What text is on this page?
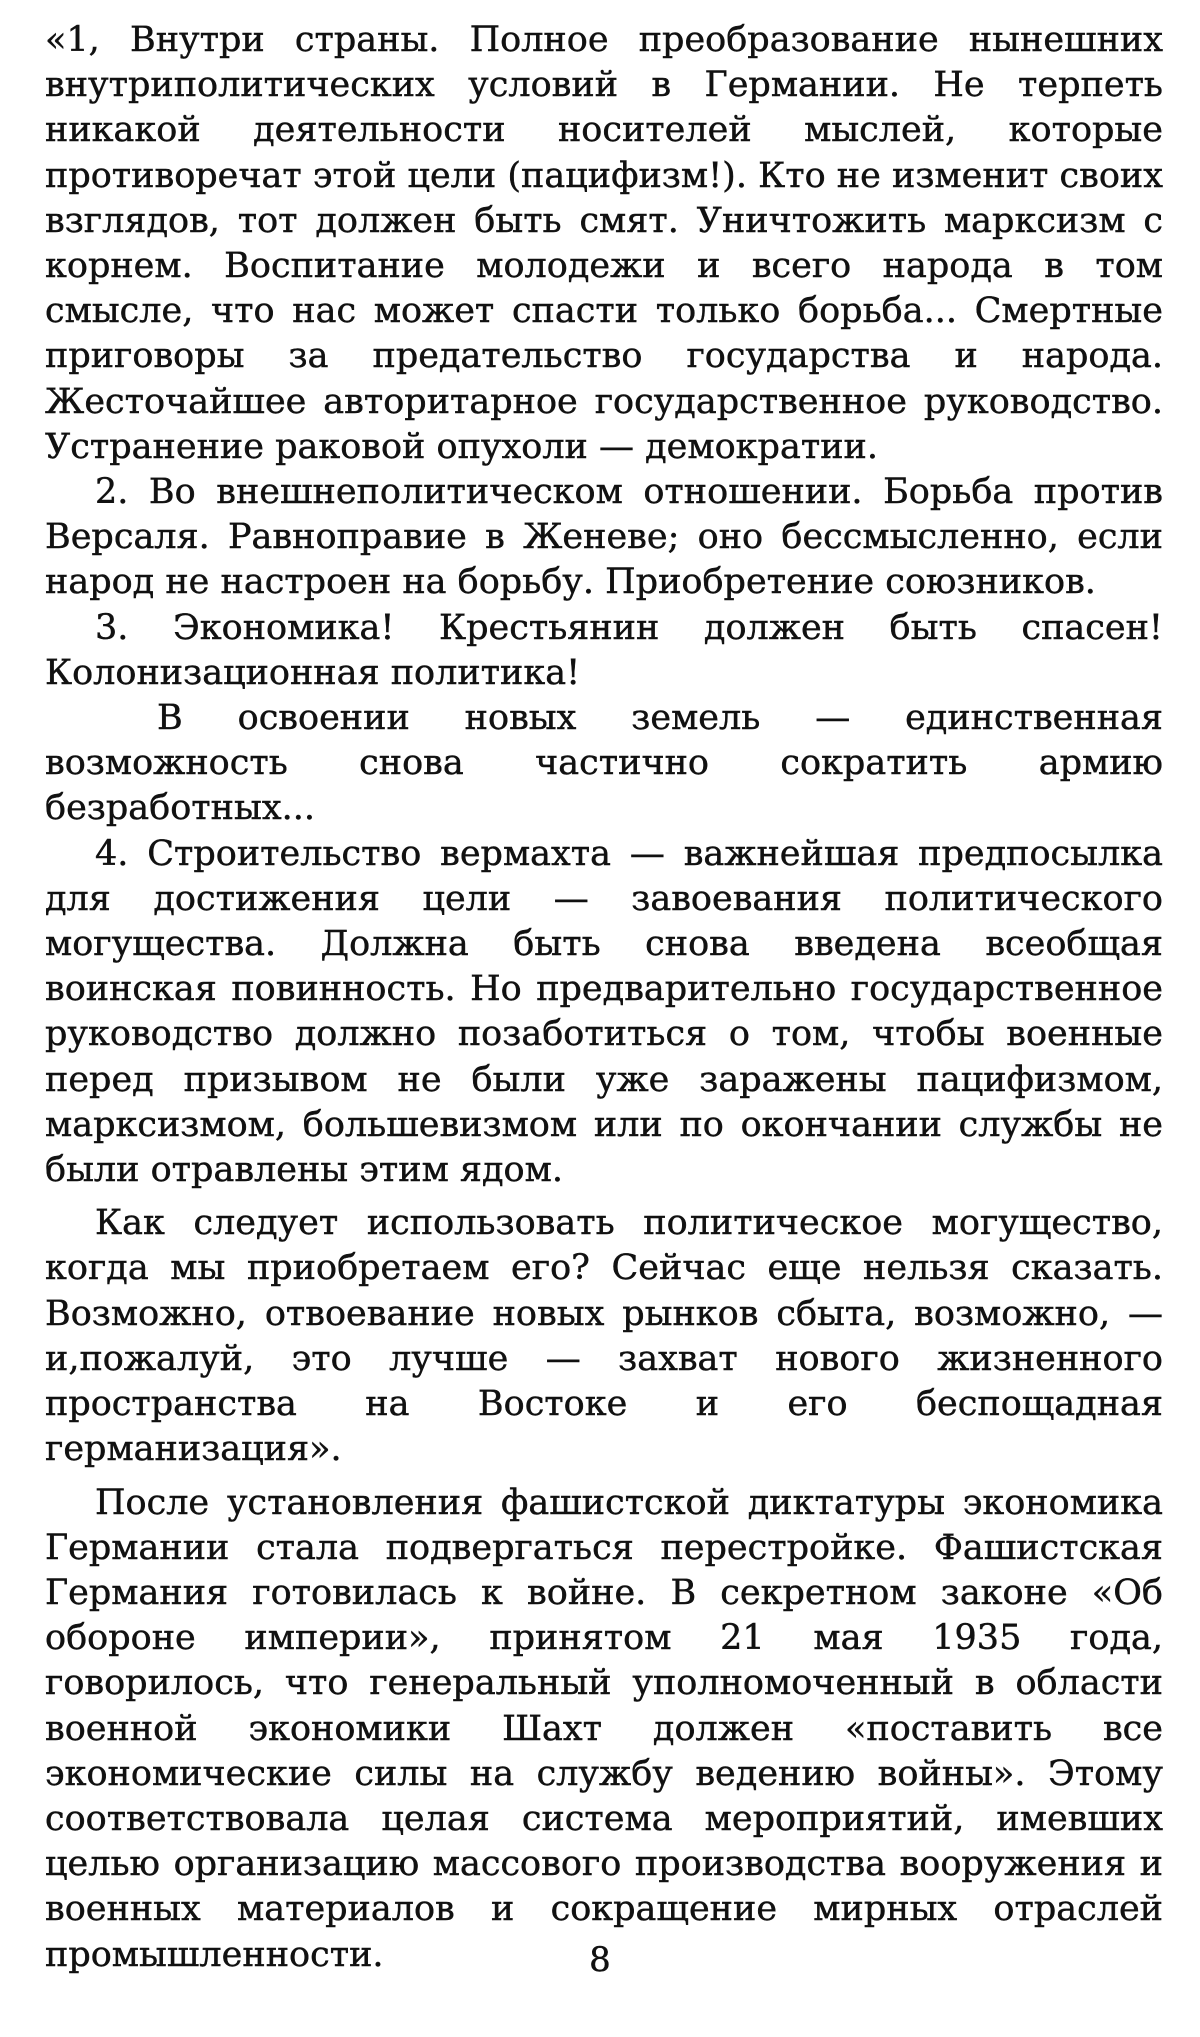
«1, Внутри страны. Полное преобразование нынешних внутриполитических условий в Германии. Не терпеть никакой деятельности носителей мыслей, которые противоречат этой цели (пацифизм!). Кто не изменит своих взглядов, тот должен быть смят. Уничтожить марксизм с корнем. Воспитание молодежи и всего народа в том смысле, что нас может спасти только борьба... Смертные приговоры за предательство государства и народа. Жесточайшее авторитарное государственное руководство. Устранение раковой опухоли — демократии.

2. Во внешнеполитическом отношении. Борьба против Версаля. Равноправие в Женеве; оно бессмысленно, если народ не настроен на борьбу. Приобретение союзников.

3. Экономика! Крестьянин должен быть спасен! Колонизационная политика!

В освоении новых земель — единственная возможность снова частично сократить армию безработных...

4. Строительство вермахта — важнейшая предпосылка для достижения цели — завоевания политического могущества. Должна быть снова введена всеобщая воинская повинность. Но предварительно государственное руководство должно позаботиться о том, чтобы военные перед призывом не были уже заражены пацифизмом, марксизмом, большевизмом или по окончании службы не были отравлены этим ядом.

Как следует использовать политическое могущество, когда мы приобретаем его? Сейчас еще нельзя сказать. Возможно, отвоевание новых рынков сбыта, возможно, — и,пожалуй, это лучше — захват нового жизненного пространства на Востоке и его беспощадная германизация».

После установления фашистской диктатуры экономика Германии стала подвергаться перестройке. Фашистская Германия готовилась к войне. В секретном законе «Об обороне империи», принятом 21 мая 1935 года, говорилось, что генеральный уполномоченный в области военной экономики Шахт должен «поставить все экономические силы на службу ведению войны». Этому соответствовала целая система мероприятий, имевших целью организацию массового производства вооружения и военных материалов и сокращение мирных отраслей промышленности.	8
